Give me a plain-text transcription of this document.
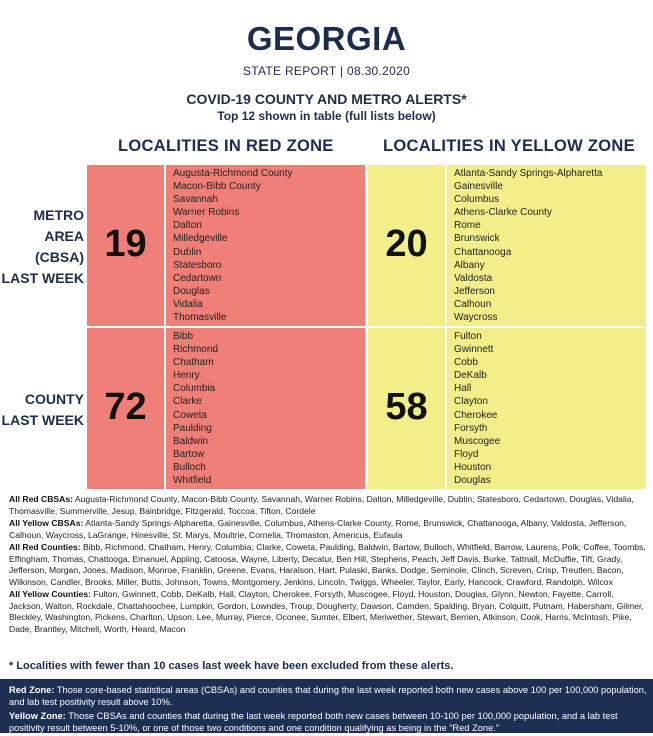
GEORGIA
STATE REPORT | 08.30.2020
COVID-19 COUNTY AND METRO ALERTS*
Top 12 shown in table (full lists below)
LOCALITIES IN RED ZONE	LOCALITIES IN YELLOW ZONE
METRO
AREA
(CBSA)
LAST WEEK
COUNTY
LAST WEEK
19
Augusta-Richmond County
Macon-Bibb County
Savannah
Warner Robins
Dalton
Milledgeville
Dublin
Statesboro
Cedartown
Douglas
Vidalia
Thomasville
20
Atlanta-Sandy Springs-Alpharetta
Gainesville
Columbus
Athens-Clarke County
Rome
Brunswick
Chattanooga
Albany
Valdosta
Jefferson
Calhoun
Waycross
72
Bibb
Richmond
Chatham
Henry
Columbia
Clarke
Coweta
Paulding
Baldwin
Bartow
Bulloch
Whitfield
58
Fulton
Gwinnett
Cobb
DeKalb
Hall
Clayton
Cherokee
Forsyth
Muscogee
Floyd
Houston
Douglas

All Red CBSAs: Augusta-Richmond County, Macon-Bibb County, Savannah, Warner Robins, Dalton, Milledgeville, Dublin, Statesboro, Cedartown, Douglas, Vidalia, Thomasville, Summerville, Jesup, Bainbridge, Fitzgerald, Toccoa, Tifton, Cordele

All Yellow CBSAs: Atlanta-Sandy Springs-Alpharetta, Gainesville, Columbus, Athens-Clarke County, Rome, Brunswick, Chattanooga, Albany, Valdosta, Jefferson, Calhoun, Waycross, LaGrange, Hinesville, St. Marys, Moultrie, Cornelia, Thomaston, Americus, Eufaula

All Red Counties: Bibb, Richmond, Chatham, Henry, Columbia, Clarke, Coweta, Paulding, Baldwin, Bartow, Bulloch, Whitfield, Barrow, Laurens, Polk, Coffee, Toombs, Effingham, Thomas, Chattooga, Emanuel, Appling, Catoosa, Wayne, Liberty, Decatur, Ben Hill, Stephens, Peach, Jeff Davis, Burke, Tattnall, McDuffie, Tift, Grady, Jefferson, Morgan, Jones, Madison, Monroe, Franklin, Greene, Evans, Haralson, Hart, Pulaski, Banks, Dodge, Seminole, Clinch, Screven, Crisp, Treutlen, Bacon, Wilkinson, Candler, Brooks, Miller, Butts, Johnson, Towns, Montgomery, Jenkins, Lincoln, Twiggs, Wheeler, Taylor, Early, Hancock, Crawford, Randolph, Wilcox

All Yellow Counties: Fulton, Gwinnett, Cobb, DeKalb, Hall, Clayton, Cherokee, Forsyth, Muscogee, Floyd, Houston, Douglas, Glynn, Newton, Fayette, Carroll, Jackson, Walton, Rockdale, Chattahoochee, Lumpkin, Gordon, Lowndes, Troup, Dougherty, Dawson, Camden, Spalding, Bryan, Colquitt, Putnam, Habersham, Gilmer, Bleckley, Washington, Pickens, Charlton, Upson, Lee, Murray, Pierce, Oconee, Sumter, Elbert, Meriwether, Stewart, Berrien, Atkinson, Cook, Harris, McIntosh, Pike, Dade, Brantley, Mitchell, Worth, Heard, Macon

* Localities with fewer than 10 cases last week have been excluded from these alerts.

Red Zone: Those core-based statistical areas (CBSAs) and counties that during the last week reported both new cases above 100 per 100,000 population, and lab test positivity result above 10%.

Yellow Zone: Those CBSAs and counties that during the last week reported both new cases between 10-100 per 100,000 population, and a lab test positivity result between 5-10%, or one of those two conditions and one condition qualifying as being in the “Red Zone.”
